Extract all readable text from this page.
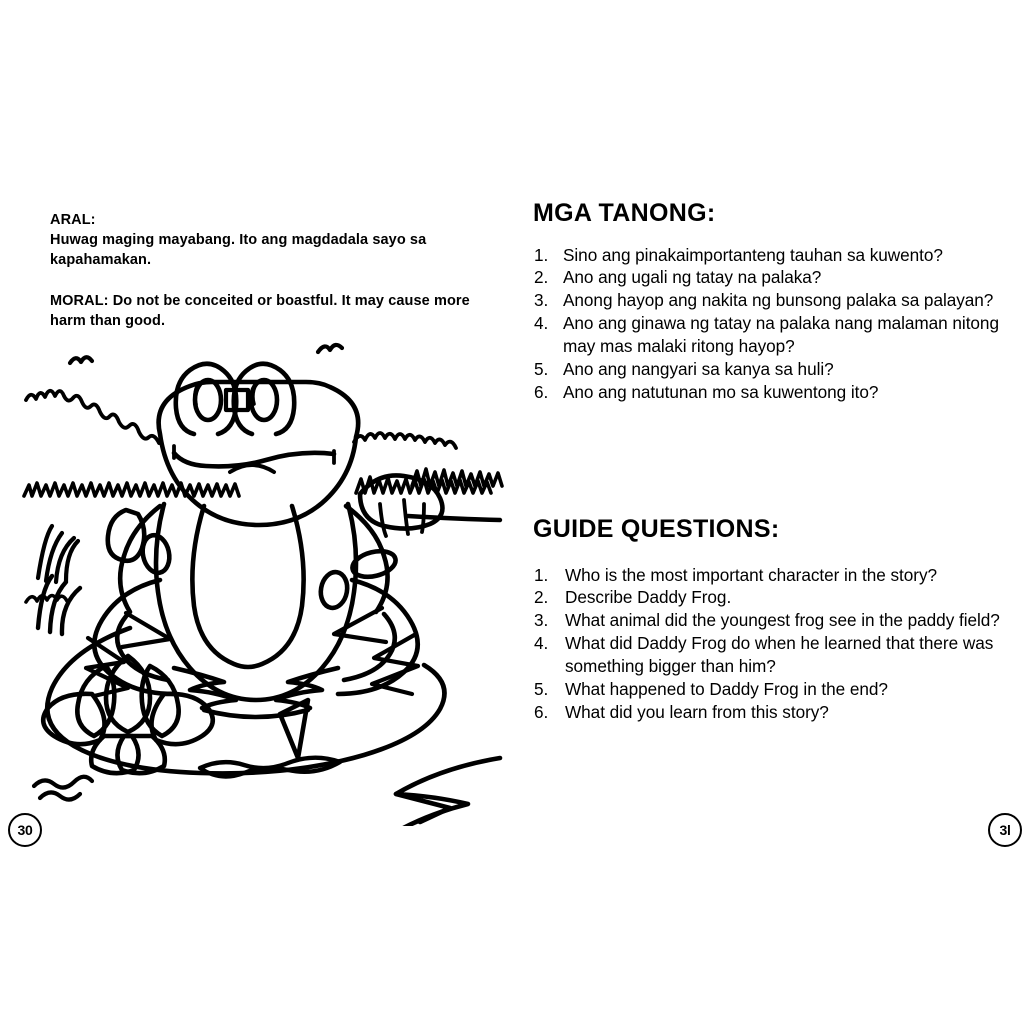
ARAL:

Huwag maging mayabang. Ito ang magdadala sayo sa kapahamakan.

MORAL: Do not be conceited or boastful. It may cause more harm than good.

30
MGA TANONG:
1. Sino ang pinakaimportanteng tauhan sa kuwento?
2. Ano ang ugali ng tatay na palaka?
3. Anong hayop ang nakita ng bunsong palaka sa palayan?
4. Ano ang ginawa ng tatay na palaka nang malaman nitong may mas malaki ritong hayop?
5. Ano ang nangyari sa kanya sa huli?
6. Ano ang natutunan mo sa kuwentong ito?
GUIDE QUESTIONS:
1. Who is the most important character in the story?
2. Describe Daddy Frog.
3. What animal did the youngest frog see in the paddy field?
4. What did Daddy Frog do when he learned that there was something bigger than him?
5. What happened to Daddy Frog in the end?
6. What did you learn from this story?
3l
